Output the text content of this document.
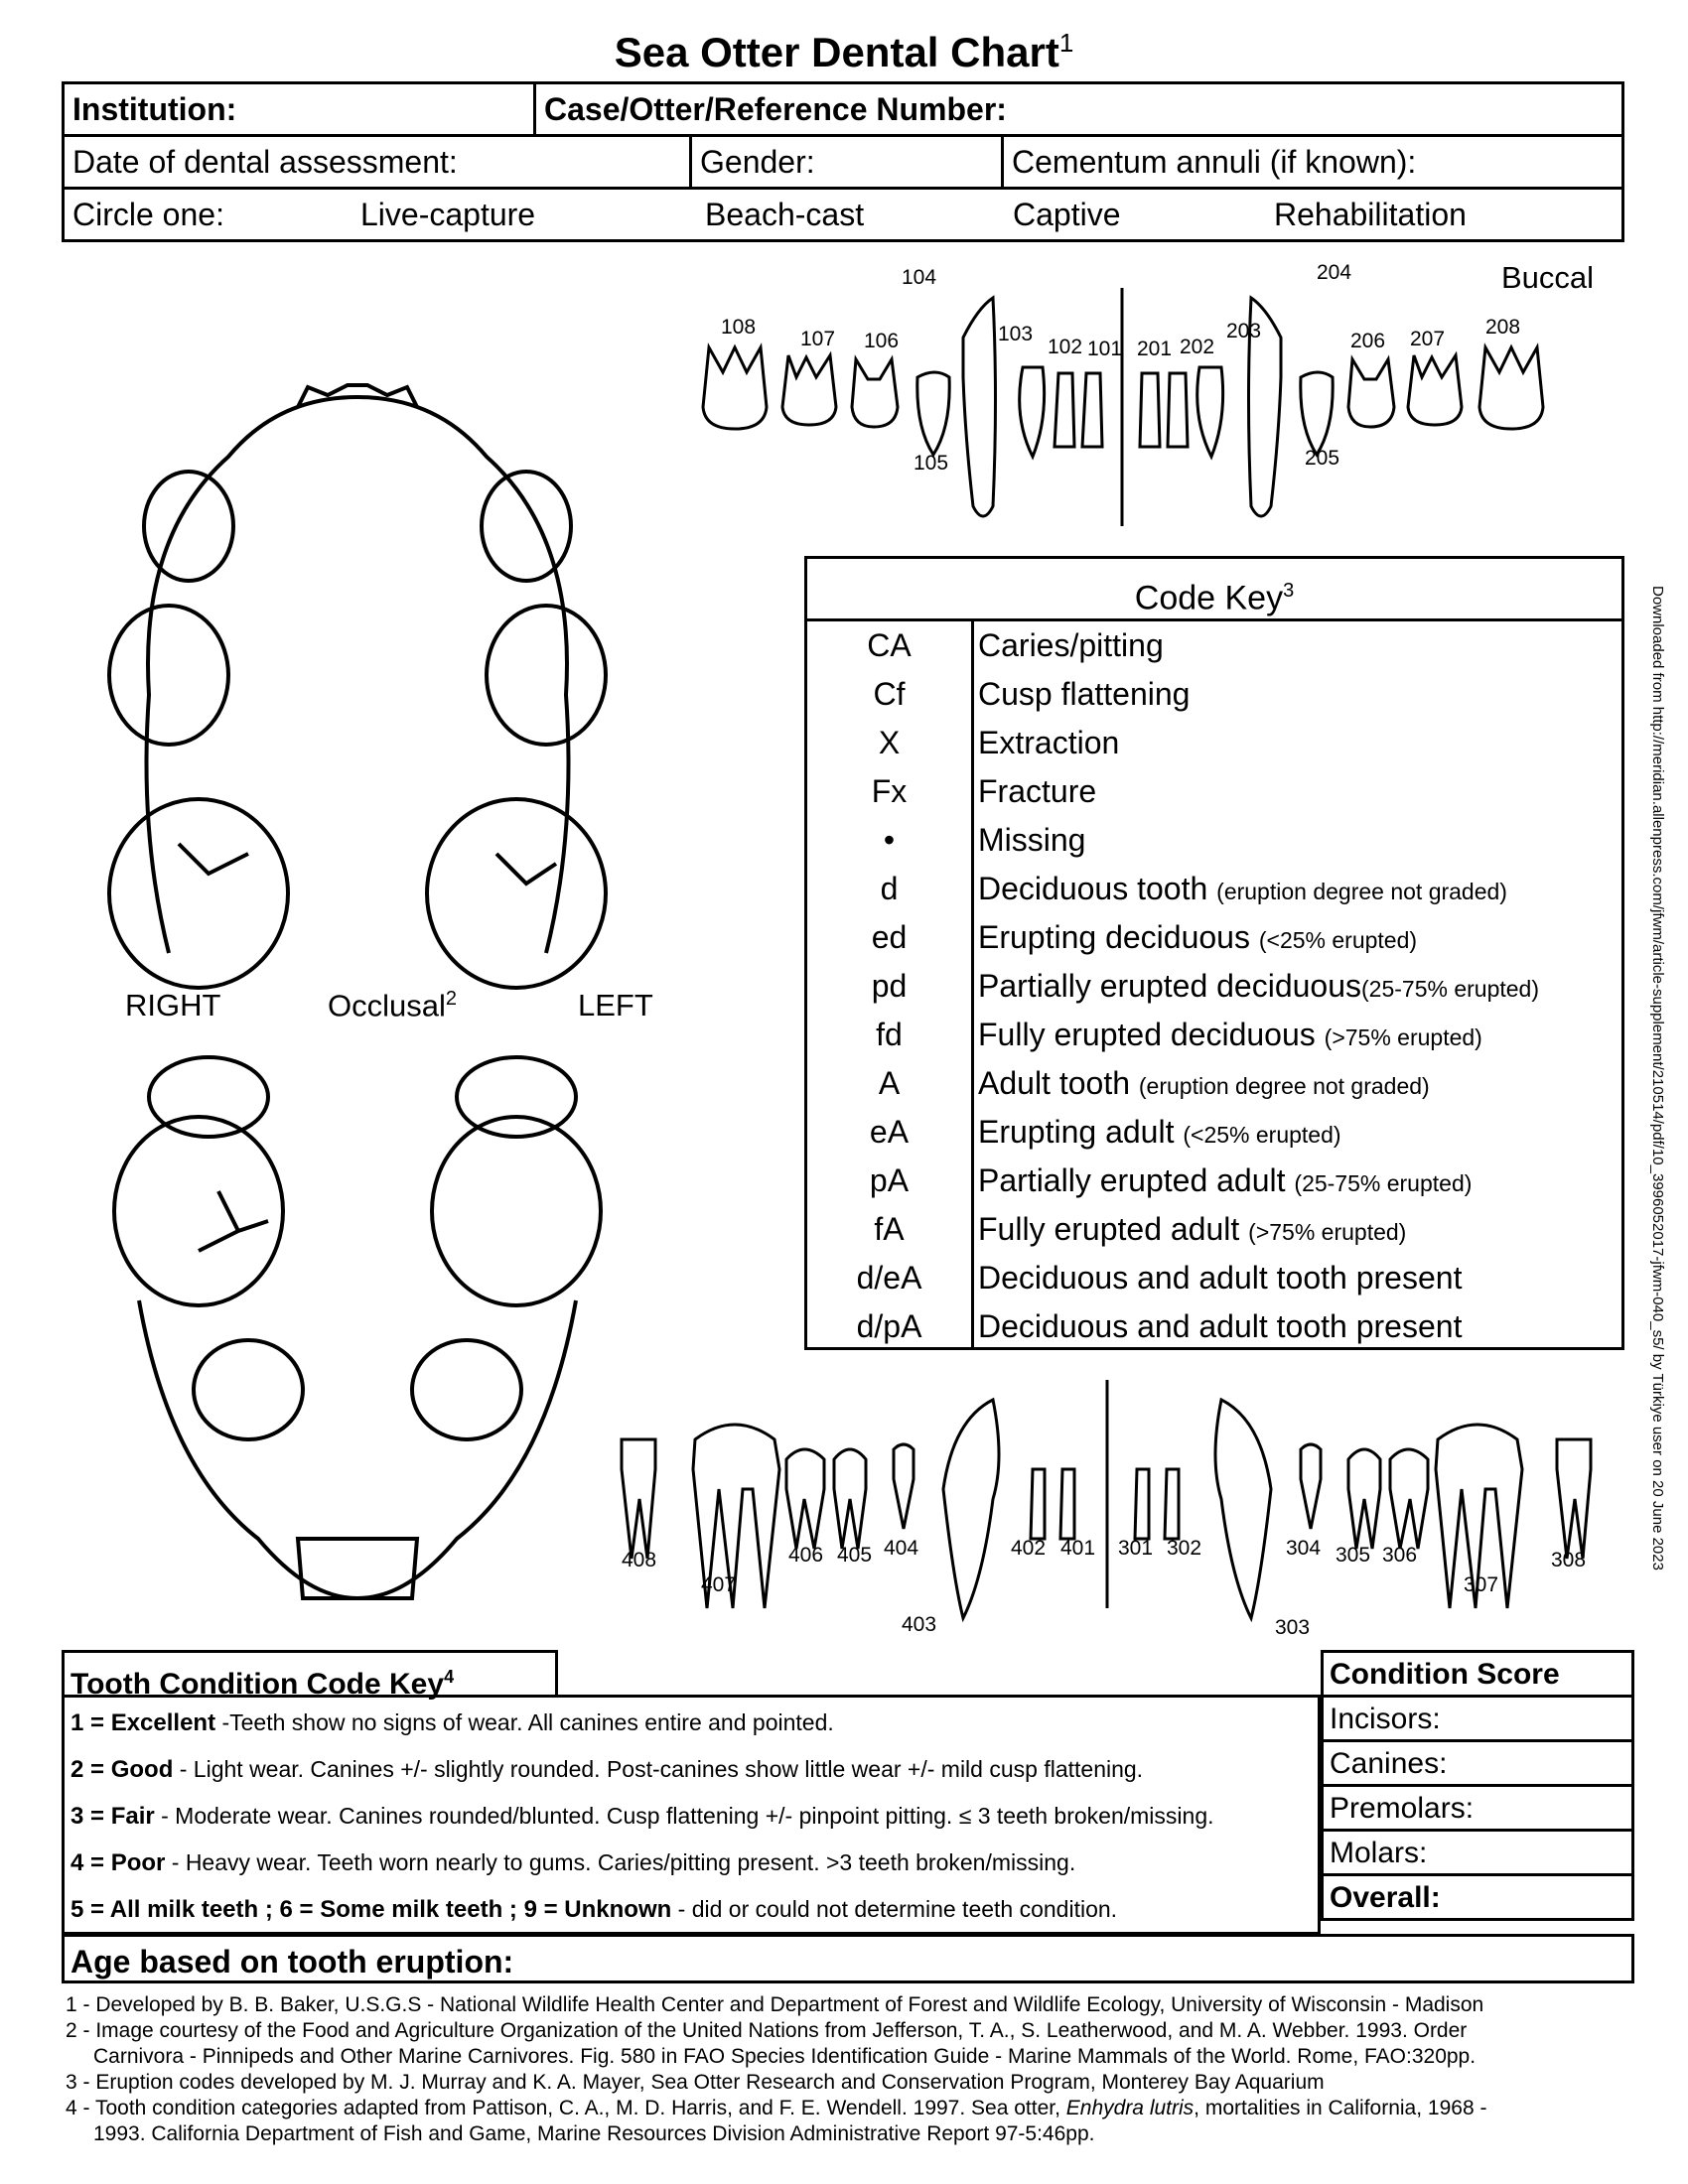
Sea Otter Dental Chart$^1$
Institution:	Case/Otter/Reference Number:
Date of dental assessment:	Gender:	Cementum annuli (if known):
Circle one:	Live-capture	Beach-cast	Captive	Rehabilitation
Buccal
108
107 106
105
104
103
102 101 201 202
203
204
205
206 207
208
RIGHT	Occlusal$^2$	LEFT
Code Key$^3$
CA	Caries/pitting
Cf	Cusp flattening
X	Extraction
Fx	Fracture
•	Missing
d	Deciduous tooth (eruption degree not graded)
ed	Erupting deciduous (<25% erupted)
pd	Partially erupted deciduous(25-75% erupted)
fd	Fully erupted deciduous (>75% erupted)
A	Adult tooth (eruption degree not graded)
eA	Erupting adult (<25% erupted)
pA	Partially erupted adult (25-75% erupted)
fA	Fully erupted adult (>75% erupted)
d/eA	Deciduous and adult tooth present
d/pA	Deciduous and adult tooth present
408
407
406 405 404
403
402 401 301 302
303
304 305 306
307
308
Tooth Condition Code Key$^4$
1 = Excellent -Teeth show no signs of wear. All canines entire and pointed.
2 = Good - Light wear. Canines +/- slightly rounded. Post-canines show little wear +/- mild cusp flattening.
3 = Fair - Moderate wear. Canines rounded/blunted. Cusp flattening +/- pinpoint pitting. ≤ 3 teeth broken/missing.
4 = Poor - Heavy wear. Teeth worn nearly to gums. Caries/pitting present. >3 teeth broken/missing.
5 = All milk teeth ; 6 = Some milk teeth ; 9 = Unknown - did or could not determine teeth condition.
Condition Score
Incisors:
Canines:
Premolars:
Molars:
Overall:
Age based on tooth eruption:
1 - Developed by B. B. Baker, U.S.G.S - National Wildlife Health Center and Department of Forest and Wildlife Ecology, University of Wisconsin - Madison
2 - Image courtesy of the Food and Agriculture Organization of the United Nations from Jefferson, T. A., S. Leatherwood, and M. A. Webber. 1993. Order
Carnivora - Pinnipeds and Other Marine Carnivores. Fig. 580 in FAO Species Identification Guide - Marine Mammals of the World. Rome, FAO:320pp.
3 - Eruption codes developed by M. J. Murray and K. A. Mayer, Sea Otter Research and Conservation Program, Monterey Bay Aquarium
4 - Tooth condition categories adapted from Pattison, C. A., M. D. Harris, and F. E. Wendell. 1997. Sea otter, Enhydra lutris, mortalities in California, 1968 -
1993. California Department of Fish and Game, Marine Resources Division Administrative Report 97-5:46pp.
Downloaded from http://meridian.allenpress.com/jfwm/article-supplement/210514/pdf/10_3996052017-jfwm-040_s5/ by Türkiye user on 20 June 2023
